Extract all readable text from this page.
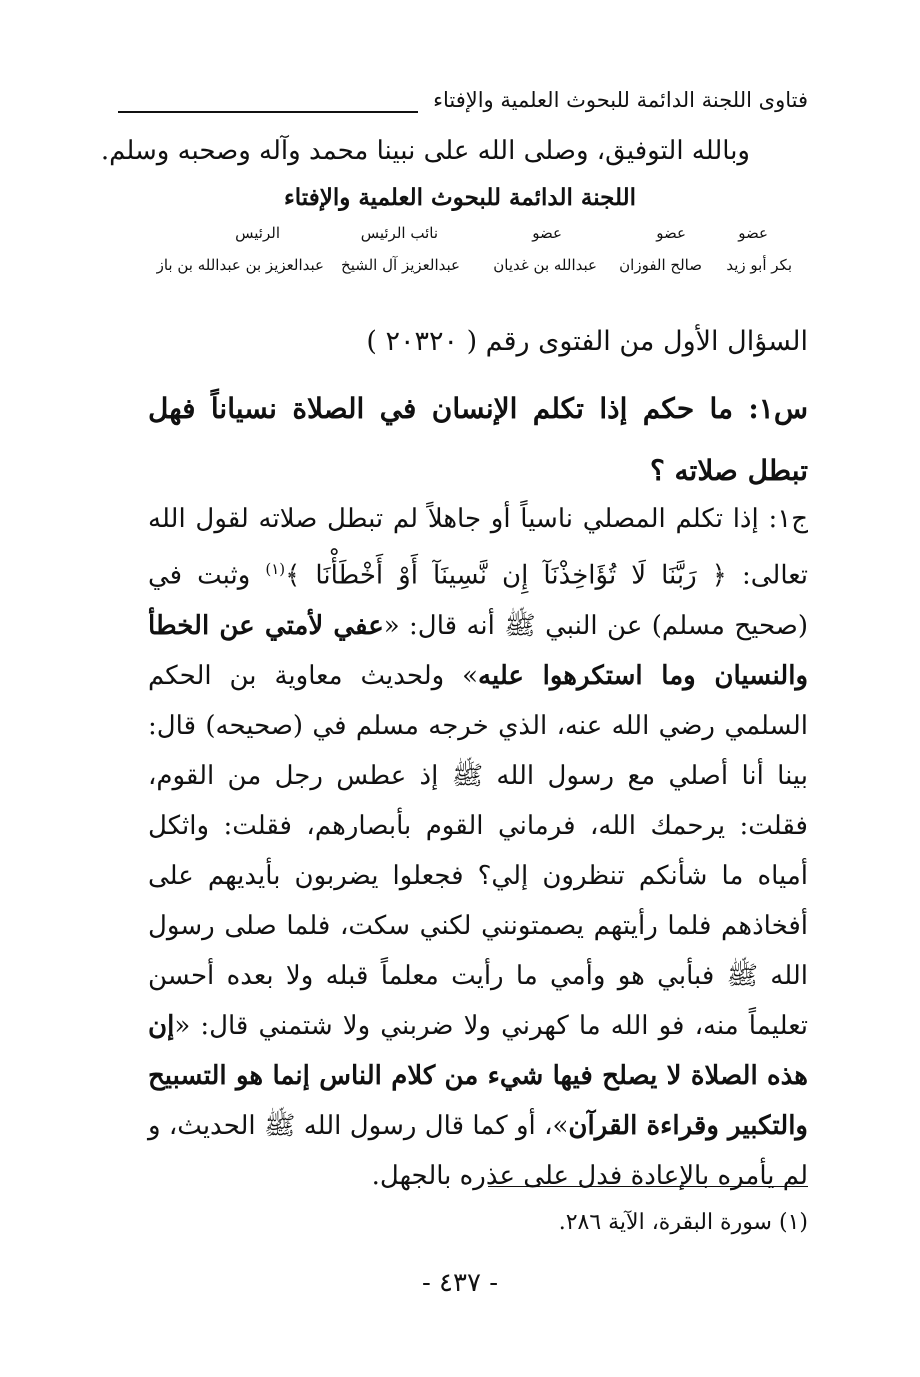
فتاوى اللجنة الدائمة للبحوث العلمية والإفتاء
وبالله التوفيق، وصلى الله على نبينا محمد وآله وصحبه وسلم.
اللجنة الدائمة للبحوث العلمية والإفتاء
عضو
عضو
عضو
نائب الرئيس
الرئيس
بكر أبو زيد
صالح الفوزان
عبدالله بن غديان
عبدالعزيز آل الشيخ
عبدالعزيز بن عبدالله بن باز
السؤال الأول من الفتوى رقم ( ٢٠٣٢٠ )
س١: ما حكم إذا تكلم الإنسان في الصلاة نسياناً فهل تبطل صلاته ؟
ج١: إذا تكلم المصلي ناسياً أو جاهلاً لم تبطل صلاته لقول الله تعالى: ﴿ رَبَّنَا لَا تُؤَاخِذْنَآ إِن نَّسِينَآ أَوْ أَخْطَأْنَا ﴾$^{(١)}$ وثبت في (صحيح مسلم) عن النبي ﷺ أنه قال: «عفي لأمتي عن الخطأ والنسيان وما استكرهوا عليه» ولحديث معاوية بن الحكم السلمي رضي الله عنه، الذي خرجه مسلم في (صحيحه) قال: بينا أنا أصلي مع رسول الله ﷺ إذ عطس رجل من القوم، فقلت: يرحمك الله، فرماني القوم بأبصارهم، فقلت: واثكل أمياه ما شأنكم تنظرون إلي؟ فجعلوا يضربون بأيديهم على أفخاذهم فلما رأيتهم يصمتونني لكني سكت، فلما صلى رسول الله ﷺ فبأبي هو وأمي ما رأيت معلماً قبله ولا بعده أحسن تعليماً منه، فو الله ما كهرني ولا ضربني ولا شتمني قال: «إن هذه الصلاة لا يصلح فيها شيء من كلام الناس إنما هو التسبيح والتكبير وقراءة القرآن»، أو كما قال رسول الله ﷺ الحديث، و لم يأمره بالإعادة فدل على عذره بالجهل.
(١) سورة البقرة، الآية ٢٨٦.
- ٤٣٧ -
